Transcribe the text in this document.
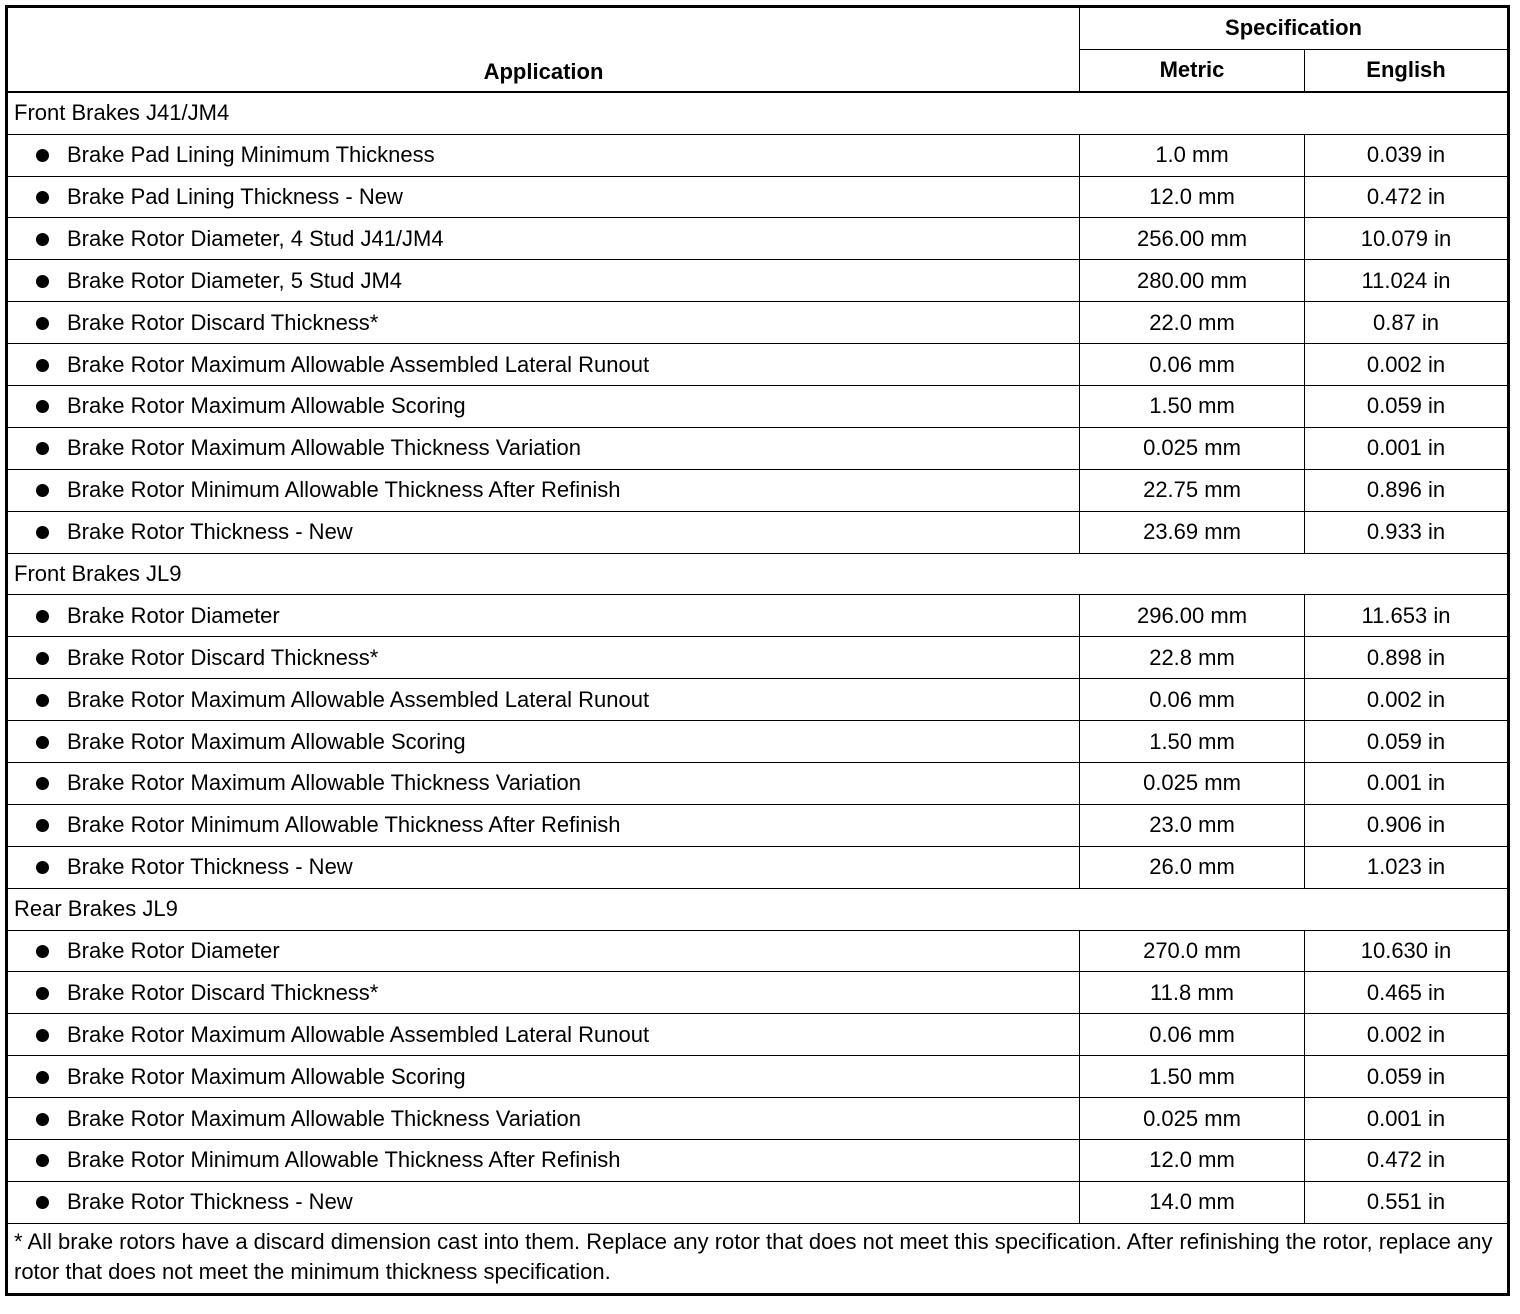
Application	Specification	
	Metric	English
Front Brakes J41/JM4		
Brake Pad Lining Minimum Thickness	1.0 mm	0.039 in
Brake Pad Lining Thickness - New	12.0 mm	0.472 in
Brake Rotor Diameter, 4 Stud J41/JM4	256.00 mm	10.079 in
Brake Rotor Diameter, 5 Stud JM4	280.00 mm	11.024 in
Brake Rotor Discard Thickness*	22.0 mm	0.87 in
Brake Rotor Maximum Allowable Assembled Lateral Runout	0.06 mm	0.002 in
Brake Rotor Maximum Allowable Scoring	1.50 mm	0.059 in
Brake Rotor Maximum Allowable Thickness Variation	0.025 mm	0.001 in
Brake Rotor Minimum Allowable Thickness After Refinish	22.75 mm	0.896 in
Brake Rotor Thickness - New	23.69 mm	0.933 in
Front Brakes JL9		
Brake Rotor Diameter	296.00 mm	11.653 in
Brake Rotor Discard Thickness*	22.8 mm	0.898 in
Brake Rotor Maximum Allowable Assembled Lateral Runout	0.06 mm	0.002 in
Brake Rotor Maximum Allowable Scoring	1.50 mm	0.059 in
Brake Rotor Maximum Allowable Thickness Variation	0.025 mm	0.001 in
Brake Rotor Minimum Allowable Thickness After Refinish	23.0 mm	0.906 in
Brake Rotor Thickness - New	26.0 mm	1.023 in
Rear Brakes JL9		
Brake Rotor Diameter	270.0 mm	10.630 in
Brake Rotor Discard Thickness*	11.8 mm	0.465 in
Brake Rotor Maximum Allowable Assembled Lateral Runout	0.06 mm	0.002 in
Brake Rotor Maximum Allowable Scoring	1.50 mm	0.059 in
Brake Rotor Maximum Allowable Thickness Variation	0.025 mm	0.001 in
Brake Rotor Minimum Allowable Thickness After Refinish	12.0 mm	0.472 in
Brake Rotor Thickness - New	14.0 mm	0.551 in
* All brake rotors have a discard dimension cast into them. Replace any rotor that does not meet this specification. After refinishing the rotor, replace any rotor that does not meet the minimum thickness specification.		
